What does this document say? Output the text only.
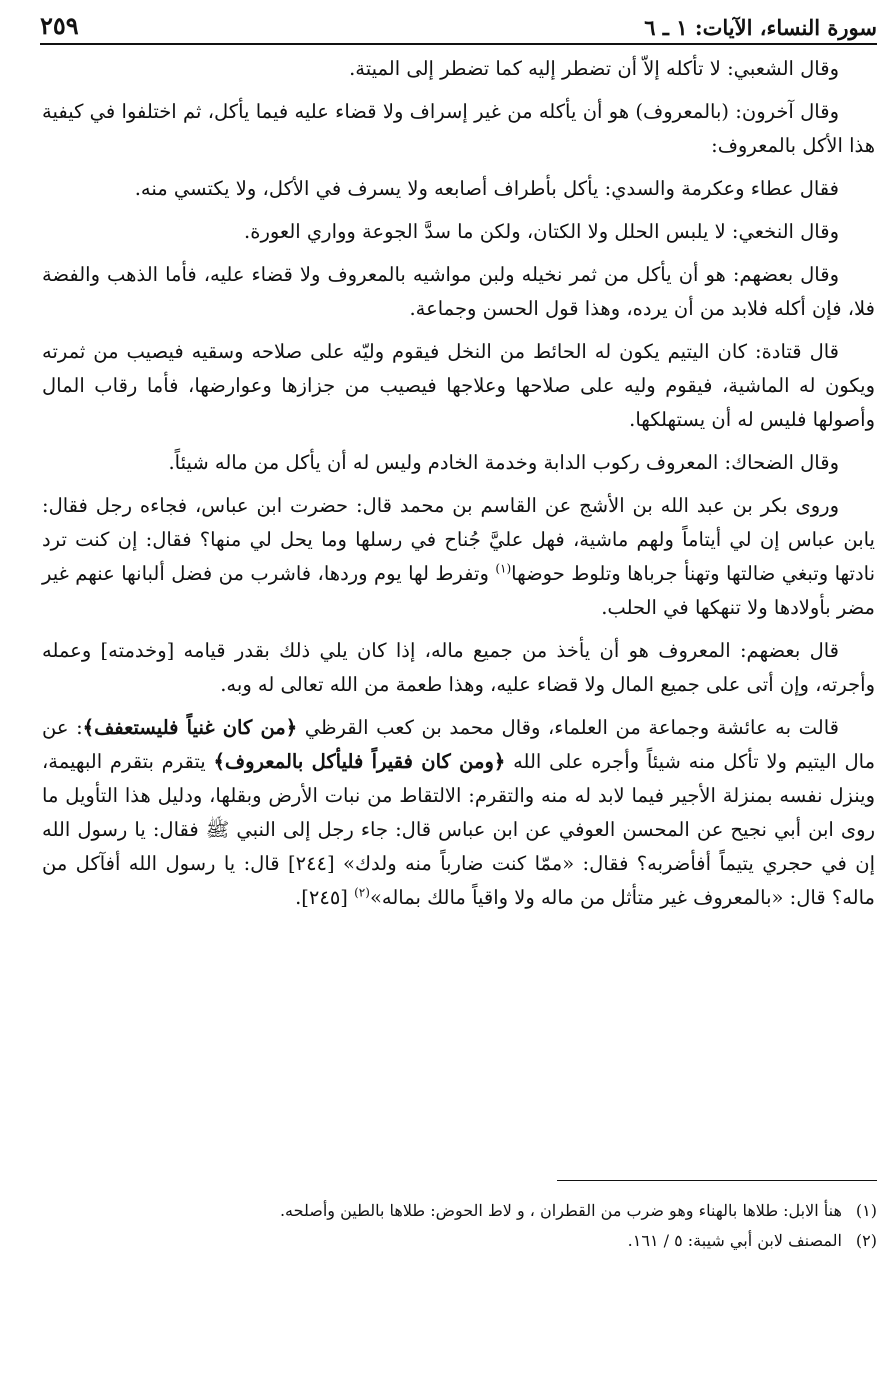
سورة النساء، الآيات: ١ ـ ٦
٢٥٩

وقال الشعبي: لا تأكله إلاّ أن تضطر إليه كما تضطر إلى الميتة.

وقال آخرون: (بالمعروف) هو أن يأكله من غير إسراف ولا قضاء عليه فيما يأكل، ثم اختلفوا في كيفية هذا الأكل بالمعروف:

فقال عطاء وعكرمة والسدي: يأكل بأطراف أصابعه ولا يسرف في الأكل، ولا يكتسي منه.

وقال النخعي: لا يلبس الحلل ولا الكتان، ولكن ما سدَّ الجوعة وواري العورة.

وقال بعضهم: هو أن يأكل من ثمر نخيله ولبن مواشيه بالمعروف ولا قضاء عليه، فأما الذهب والفضة فلا، فإن أكله فلابد من أن يرده، وهذا قول الحسن وجماعة.

قال قتادة: كان اليتيم يكون له الحائط من النخل فيقوم وليّه على صلاحه وسقيه فيصيب من ثمرته ويكون له الماشية، فيقوم وليه على صلاحها وعلاجها فيصيب من جزازها وعوارضها، فأما رقاب المال وأصولها فليس له أن يستهلكها.

وقال الضحاك: المعروف ركوب الدابة وخدمة الخادم وليس له أن يأكل من ماله شيئاً.

وروى بكر بن عبد الله بن الأشج عن القاسم بن محمد قال: حضرت ابن عباس، فجاءه رجل فقال: يابن عباس إن لي أيتاماً ولهم ماشية، فهل عليَّ جُناح في رسلها وما يحل لي منها؟ فقال: إن كنت ترد نادتها وتبغي ضالتها وتهنأ جرباها وتلوط حوضها$^{(١)}$ وتفرط لها يوم وردها، فاشرب من فضل ألبانها عنهم غير مضر بأولادها ولا تنهكها في الحلب.

قال بعضهم: المعروف هو أن يأخذ من جميع ماله، إذا كان يلي ذلك بقدر قيامه [وخدمته] وعمله وأجرته، وإن أتى على جميع المال ولا قضاء عليه، وهذا طعمة من الله تعالى له وبه.

قالت به عائشة وجماعة من العلماء، وقال محمد بن كعب القرظي ﴿من كان غنياً فليستعفف﴾: عن مال اليتيم ولا تأكل منه شيئاً وأجره على الله ﴿ومن كان فقيراً فليأكل بالمعروف﴾ يتقرم بتقرم البهيمة، وينزل نفسه بمنزلة الأجير فيما لابد له منه والتقرم: الالتقاط من نبات الأرض وبقلها، ودليل هذا التأويل ما روى ابن أبي نجيح عن المحسن العوفي عن ابن عباس قال: جاء رجل إلى النبي ﷺ فقال: يا رسول الله إن في حجري يتيماً أفأضربه؟ فقال: «ممّا كنت ضارباً منه ولدك» [٢٤٤] قال: يا رسول الله أفآكل من ماله؟ قال: «بالمعروف غير متأثل من ماله ولا واقياً مالك بماله»$^{(٢)}$ [٢٤٥].

(١)
هنأ الابل: طلاها بالهناء وهو ضرب من القطران ، و لاط الحوض: طلاها بالطين وأصلحه.
(٢)
المصنف لابن أبي شيبة: ٥ / ١٦١.
